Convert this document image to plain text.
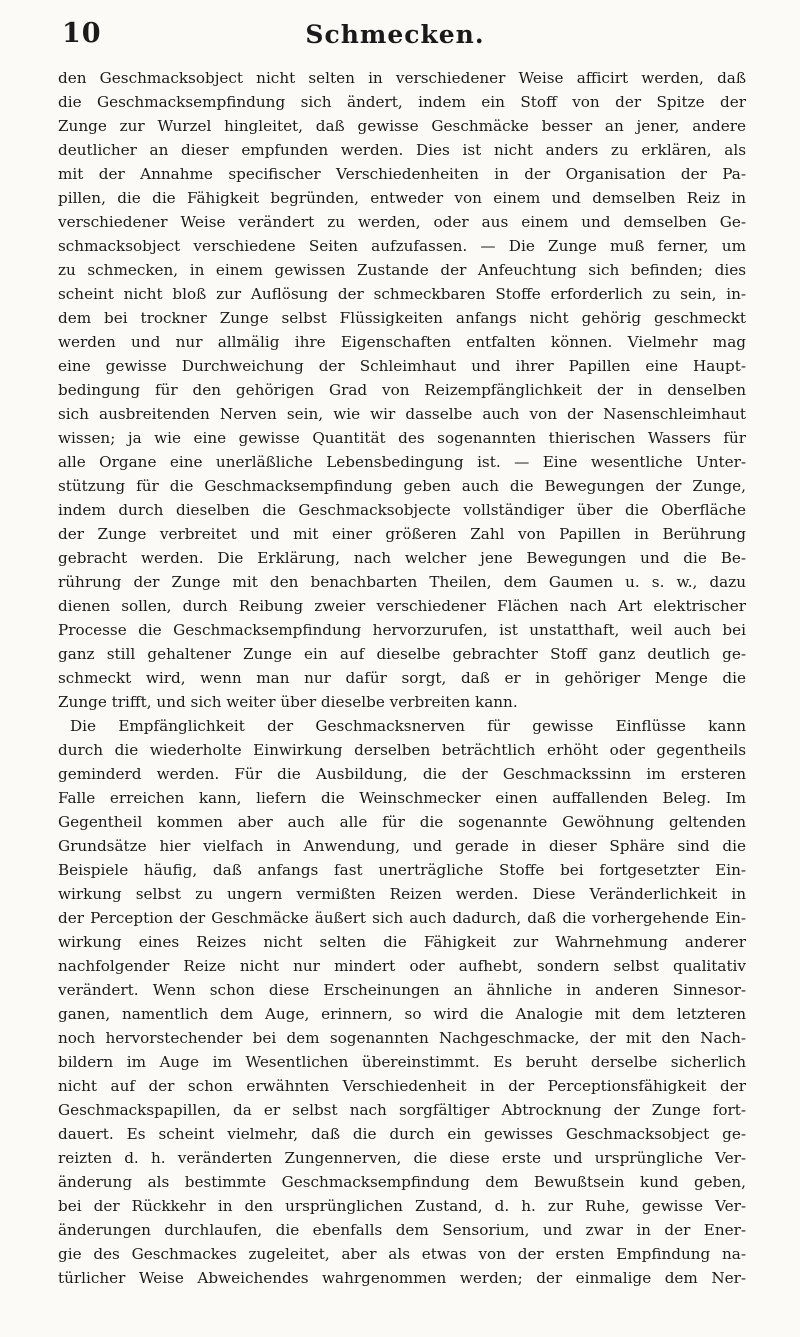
10	Schmecken.
den Geschmacksobject nicht selten in verschiedener Weise afficirt werden, daß
die Geschmacksempfindung sich ändert, indem ein Stoff von der Spitze der
Zunge zur Wurzel hingleitet, daß gewisse Geschmäcke besser an jener, andere
deutlicher an dieser empfunden werden. Dies ist nicht anders zu erklären, als
mit der Annahme specifischer Verschiedenheiten in der Organisation der Pa-
pillen, die die Fähigkeit begründen, entweder von einem und demselben Reiz in
verschiedener Weise verändert zu werden, oder aus einem und demselben Ge-
schmacksobject verschiedene Seiten aufzufassen. — Die Zunge muß ferner, um
zu schmecken, in einem gewissen Zustande der Anfeuchtung sich befinden; dies
scheint nicht bloß zur Auflösung der schmeckbaren Stoffe erforderlich zu sein, in-
dem bei trockner Zunge selbst Flüssigkeiten anfangs nicht gehörig geschmeckt
werden und nur allmälig ihre Eigenschaften entfalten können. Vielmehr mag
eine gewisse Durchweichung der Schleimhaut und ihrer Papillen eine Haupt-
bedingung für den gehörigen Grad von Reizempfänglichkeit der in denselben
sich ausbreitenden Nerven sein, wie wir dasselbe auch von der Nasenschleimhaut
wissen; ja wie eine gewisse Quantität des sogenannten thierischen Wassers für
alle Organe eine unerläßliche Lebensbedingung ist. — Eine wesentliche Unter-
stützung für die Geschmacksempfindung geben auch die Bewegungen der Zunge,
indem durch dieselben die Geschmacksobjecte vollständiger über die Oberfläche
der Zunge verbreitet und mit einer größeren Zahl von Papillen in Berührung
gebracht werden. Die Erklärung, nach welcher jene Bewegungen und die Be-
rührung der Zunge mit den benachbarten Theilen, dem Gaumen u. s. w., dazu
dienen sollen, durch Reibung zweier verschiedener Flächen nach Art elektrischer
Processe die Geschmacksempfindung hervorzurufen, ist unstatthaft, weil auch bei
ganz still gehaltener Zunge ein auf dieselbe gebrachter Stoff ganz deutlich ge-
schmeckt wird, wenn man nur dafür sorgt, daß er in gehöriger Menge die
Zunge trifft, und sich weiter über dieselbe verbreiten kann.
Die Empfänglichkeit der Geschmacksnerven für gewisse Einflüsse kann
durch die wiederholte Einwirkung derselben beträchtlich erhöht oder gegentheils
geminderd werden. Für die Ausbildung, die der Geschmackssinn im ersteren
Falle erreichen kann, liefern die Weinschmecker einen auffallenden Beleg. Im
Gegentheil kommen aber auch alle für die sogenannte Gewöhnung geltenden
Grundsätze hier vielfach in Anwendung, und gerade in dieser Sphäre sind die
Beispiele häufig, daß anfangs fast unerträgliche Stoffe bei fortgesetzter Ein-
wirkung selbst zu ungern vermißten Reizen werden. Diese Veränderlichkeit in
der Perception der Geschmäcke äußert sich auch dadurch, daß die vorhergehende Ein-
wirkung eines Reizes nicht selten die Fähigkeit zur Wahrnehmung anderer
nachfolgender Reize nicht nur mindert oder aufhebt, sondern selbst qualitativ
verändert. Wenn schon diese Erscheinungen an ähnliche in anderen Sinnesor-
ganen, namentlich dem Auge, erinnern, so wird die Analogie mit dem letzteren
noch hervorstechender bei dem sogenannten Nachgeschmacke, der mit den Nach-
bildern im Auge im Wesentlichen übereinstimmt. Es beruht derselbe sicherlich
nicht auf der schon erwähnten Verschiedenheit in der Perceptionsfähigkeit der
Geschmackspapillen, da er selbst nach sorgfältiger Abtrocknung der Zunge fort-
dauert. Es scheint vielmehr, daß die durch ein gewisses Geschmacksobject ge-
reizten d. h. veränderten Zungennerven, die diese erste und ursprüngliche Ver-
änderung als bestimmte Geschmacksempfindung dem Bewußtsein kund geben,
bei der Rückkehr in den ursprünglichen Zustand, d. h. zur Ruhe, gewisse Ver-
änderungen durchlaufen, die ebenfalls dem Sensorium, und zwar in der Ener-
gie des Geschmackes zugeleitet, aber als etwas von der ersten Empfindung na-
türlicher Weise Abweichendes wahrgenommen werden; der einmalige dem Ner-
